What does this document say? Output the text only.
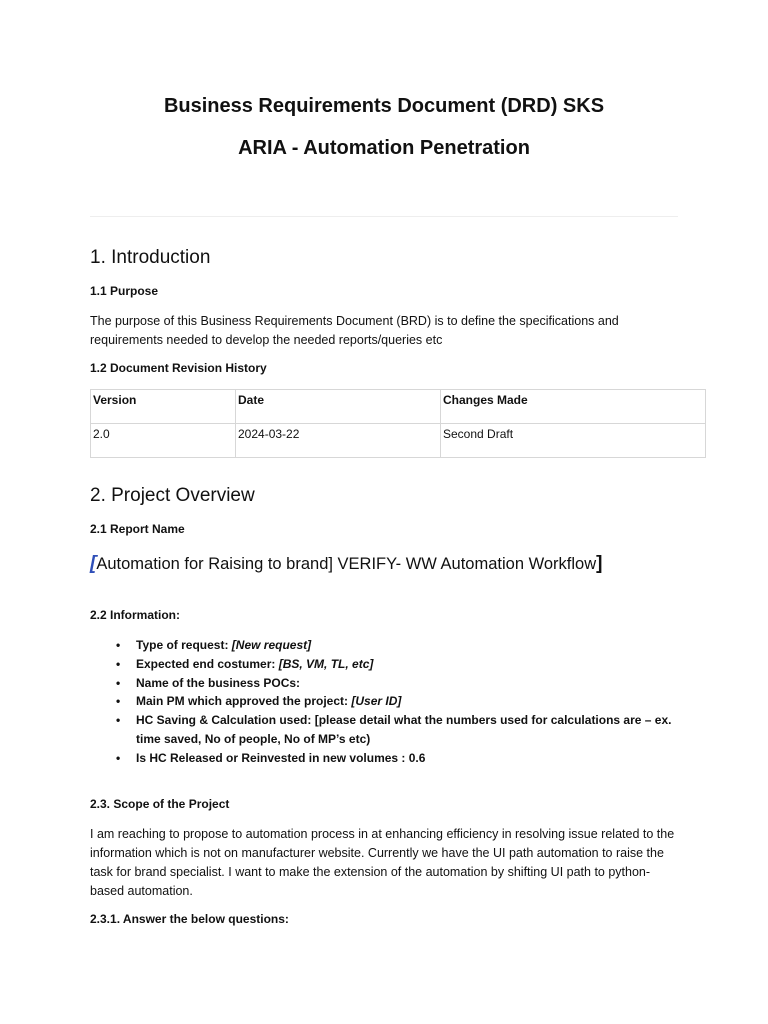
Business Requirements Document (DRD) SKS
ARIA - Automation Penetration
1. Introduction
1.1 Purpose
The purpose of this Business Requirements Document (BRD) is to define the specifications and requirements needed to develop the needed reports/queries etc
1.2 Document Revision History
Version	Date	Changes Made
2.0	2024-03-22	Second Draft
2. Project Overview
2.1 Report Name
[Automation for Raising to brand] VERIFY- WW Automation Workflow]
2.2 Information:
• Type of request: [New request]
• Expected end costumer: [BS, VM, TL, etc]
• Name of the business POCs:
• Main PM which approved the project: [User ID]
• HC Saving & Calculation used: [please detail what the numbers used for calculations are – ex. time saved, No of people, No of MP’s etc)
• Is HC Released or Reinvested in new volumes : 0.6
2.3. Scope of the Project
I am reaching to propose to automation process in at enhancing efficiency in resolving issue related to the information which is not on manufacturer website. Currently we have the UI path automation to raise the task for brand specialist. I want to make the extension of the automation by shifting UI path to python-based automation.
2.3.1. Answer the below questions:
